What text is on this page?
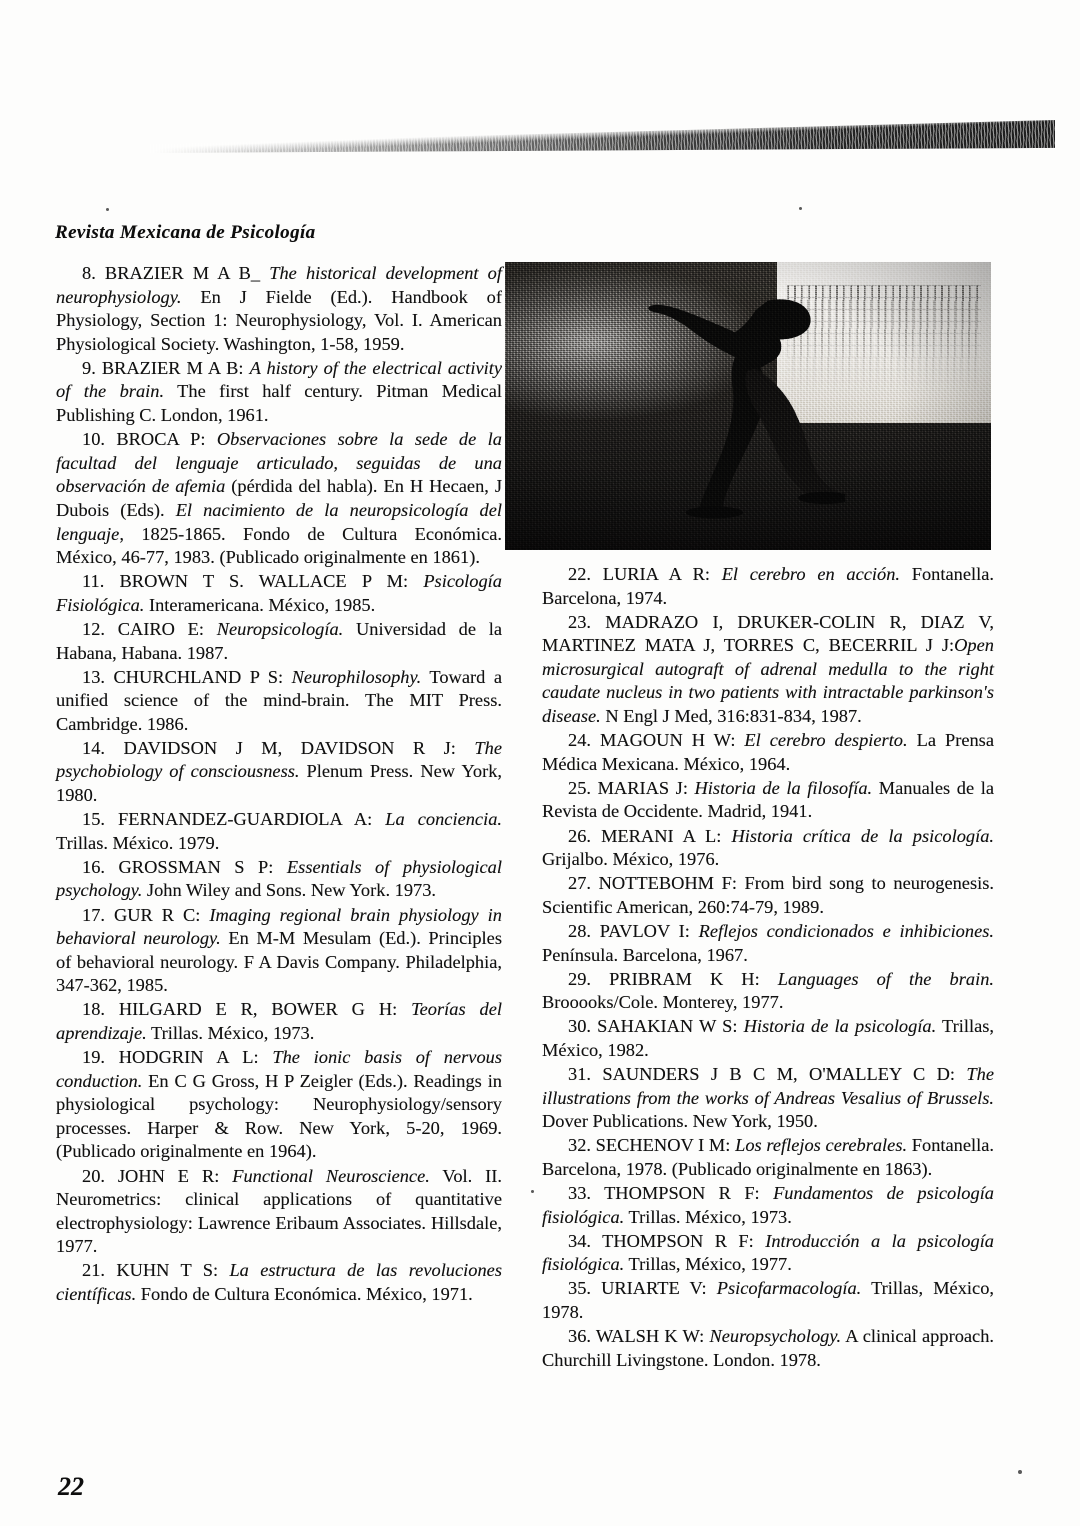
Revista Mexicana de Psicología

8. BRAZIER M A B_ The historical development of neurophysiology. En J Fielde (Ed.). Handbook of Physiology, Section 1: Neurophysiology, Vol. I. American Physiological Society. Washington, 1-58, 1959.

9. BRAZIER M A B: A history of the electrical activity of the brain. The first half century. Pitman Medical Publishing C. London, 1961.

10. BROCA P: Observaciones sobre la sede de la facultad del lenguaje articulado, seguidas de una observación de afemia (pérdida del habla). En H Hecaen, J Dubois (Eds). El nacimiento de la neuropsicología del lenguaje, 1825-1865. Fondo de Cultura Económica. México, 46-77, 1983. (Publicado originalmente en 1861).

11. BROWN T S. WALLACE P M: Psicología Fisiológica. Interamericana. México, 1985.

12. CAIRO E: Neuropsicología. Universidad de la Habana, Habana. 1987.

13. CHURCHLAND P S: Neurophilosophy. Toward a unified science of the mind-brain. The MIT Press. Cambridge. 1986.

14. DAVIDSON J M, DAVIDSON R J: The psychobiology of consciousness. Plenum Press. New York, 1980.

15. FERNANDEZ-GUARDIOLA A: La conciencia. Trillas. México. 1979.

16. GROSSMAN S P: Essentials of physiological psychology. John Wiley and Sons. New York. 1973.

17. GUR R C: Imaging regional brain physiology in behavioral neurology. En M-M Mesulam (Ed.). Principles of behavioral neurology. F A Davis Company. Philadelphia, 347-362, 1985.

18. HILGARD E R, BOWER G H: Teorías del aprendizaje. Trillas. México, 1973.

19. HODGRIN A L: The ionic basis of nervous conduction. En C G Gross, H P Zeigler (Eds.). Readings in physiological psychology: Neurophysiology/sensory processes. Harper & Row. New York, 5-20, 1969. (Publicado originalmente en 1964).

20. JOHN E R: Functional Neuroscience. Vol. II. Neurometrics: clinical applications of quantitative electrophysiology: Lawrence Eribaum Associates. Hillsdale, 1977.

21. KUHN T S: La estructura de las revoluciones científicas. Fondo de Cultura Económica. México, 1971.

22. LURIA A R: El cerebro en acción. Fontanella. Barcelona, 1974.

23. MADRAZO I, DRUKER-COLIN R, DIAZ V, MARTINEZ MATA J, TORRES C, BECERRIL J J:Open microsurgical autograft of adrenal medulla to the right caudate nucleus in two patients with intractable parkinson's disease. N Engl J Med, 316:831-834, 1987.

24. MAGOUN H W: El cerebro despierto. La Prensa Médica Mexicana. México, 1964.

25. MARIAS J: Historia de la filosofía. Manuales de la Revista de Occidente. Madrid, 1941.

26. MERANI A L: Historia crítica de la psicología. Grijalbo. México, 1976.

27. NOTTEBOHM F: From bird song to neurogenesis. Scientific American, 260:74-79, 1989.

28. PAVLOV I: Reflejos condicionados e inhibiciones. Península. Barcelona, 1967.

29. PRIBRAM K H: Languages of the brain. Brooooks/Cole. Monterey, 1977.

30. SAHAKIAN W S: Historia de la psicología. Trillas, México, 1982.

31. SAUNDERS J B C M, O'MALLEY C D: The illustrations from the works of Andreas Vesalius of Brussels. Dover Publications. New York, 1950.

32. SECHENOV I M: Los reflejos cerebrales. Fontanella. Barcelona, 1978. (Publicado originalmente en 1863).

33. THOMPSON R F: Fundamentos de psicología fisiológica. Trillas. México, 1973.

34. THOMPSON R F: Introducción a la psicología fisiológica. Trillas, México, 1977.

35. URIARTE V: Psicofarmacología. Trillas, México, 1978.

36. WALSH K W: Neuropsychology. A clinical approach. Churchill Livingstone. London. 1978.

22
